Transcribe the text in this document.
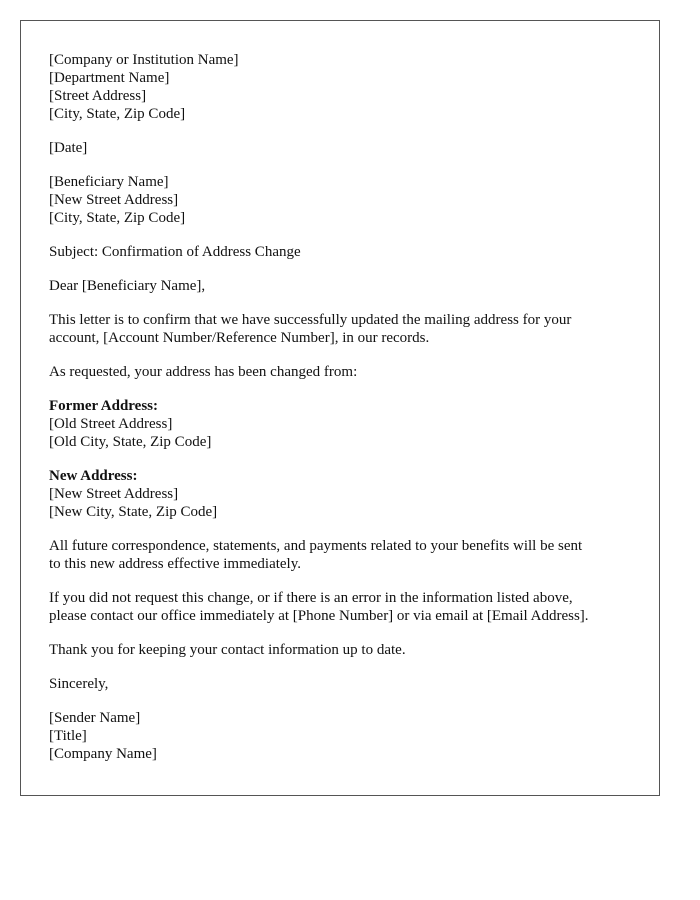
[Company or Institution Name]
[Department Name]
[Street Address]
[City, State, Zip Code]
[Date]
[Beneficiary Name]
[New Street Address]
[City, State, Zip Code]
Subject: Confirmation of Address Change
Dear [Beneficiary Name],
This letter is to confirm that we have successfully updated the mailing address for your
account, [Account Number/Reference Number], in our records.
As requested, your address has been changed from:
Former Address:
[Old Street Address]
[Old City, State, Zip Code]
New Address:
[New Street Address]
[New City, State, Zip Code]
All future correspondence, statements, and payments related to your benefits will be sent
to this new address effective immediately.
If you did not request this change, or if there is an error in the information listed above,
please contact our office immediately at [Phone Number] or via email at [Email Address].
Thank you for keeping your contact information up to date.
Sincerely,
[Sender Name]
[Title]
[Company Name]
